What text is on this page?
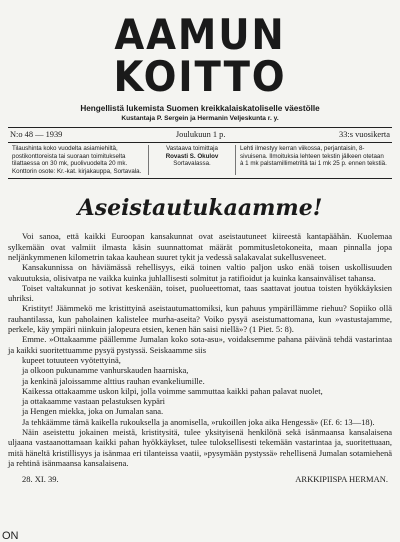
AAMUN KOITTO
Hengellistä lukemista Suomen kreikkalaiskatoliselle väestölle
Kustantaja P. Sergein ja Hermanin Veljeskunta r. y.
N:o 48 — 1939	Joulukuun 1 p.	33:s vuosikerta
Tilaushinta koko vuodelta asiamiehiltä, postikonttoreista tai suoraan toimitukselta tilattaessa on 30 mk, puolivuodelta 20 mk. Konttorin osote: Kr.-kat. kirjakauppa, Sortavala.
Vastaava toimittaja
Rovasti S. Okulov
Sortavalassa.
Lehti ilmestyy kerran viikossa, perjantaisin, 8-sivuisena. Ilmoituksia lehteen tekstin jälkeen otetaan à 1 mk palstamillimetriltä tai 1 mk 25 p. ennen tekstiä.
Aseistautukaamme!

Voi sanoa, että kaikki Euroopan kansakunnat ovat aseistautuneet kiireestä kantapäähän. Kuolemaa sylkemään ovat valmiit ilmasta käsin suunnattomat määrät pommitusletokoneita, maan pinnalla jopa neljänkymmenen kilometrin takaa kauhean suuret tykit ja vedessä salakavalat sukellusveneet.

Kansakunnissa on häviämässä rehellisyys, eikä toinen valtio paljon usko enää toisen uskollisuuden vakuutuksia, olisivatpa ne vaikka kuinka juhlallisesti solmitut ja ratifioidut ja kuinka kansainväliset tahansa.

Toiset valtakunnat jo sotivat keskenään, toiset, puolueettomat, taas saattavat joutua toisten hyökkäyksien uhriksi.

Kristityt! Jäämmekö me kristittyinä aseistautumattomiksi, kun pahuus ympärillämme riehuu? Sopiiko ollä rauhantilassa, kun paholainen kalistelee murha-aseita? Voiko pysyä aseistumattomana, kun »vastustajamme, perkele, käy ympäri niinkuin jalopeura etsien, kenen hän saisi niellä»? (1 Piet. 5: 8).

Emme. »Ottakaamme päällemme Jumalan koko sota-asu», voidaksemme pahana päivänä tehdä vastarintaa ja kaikki suoritettuamme pysyä pystyssä. Seiskaamme siis

kupeet totuuteen vyötettyinä,

ja olkoon pukunamme vanhurskauden haarniska,

ja kenkinä jaloissamme alttius rauhan evankeliumille.

Kaikessa ottakaamme uskon kilpi, jolla voimme sammuttaa kaikki pahan palavat nuolet,

ja ottakaamme vastaan pelastuksen kypäri

ja Hengen miekka, joka on Jumalan sana.

Ja tehkäämme tämä kaikella rukouksella ja anomisella, »rukoillen joka aika Hengessä» (Ef. 6: 13—18).

Näin aseistettu jokainen meistä, kristitysitä, tulee yksityisenä henkilönä sekä isänmaansa kansalaisena uljaana vastaanottamaan kaikki pahan hyökkäykset, tulee tuloksellisesti tekemään vastarintaa ja, suoritettuaan, mitä häneltä kristillisyys ja isänmaa eri tilanteissa vaatii, »pysymään pystyssä» rehellisenä Jumalan sotamiehenä ja rehtinä isänmaansa kansalaisena.

28. XI. 39.	ARKKIPIISPA HERMAN.
ON
